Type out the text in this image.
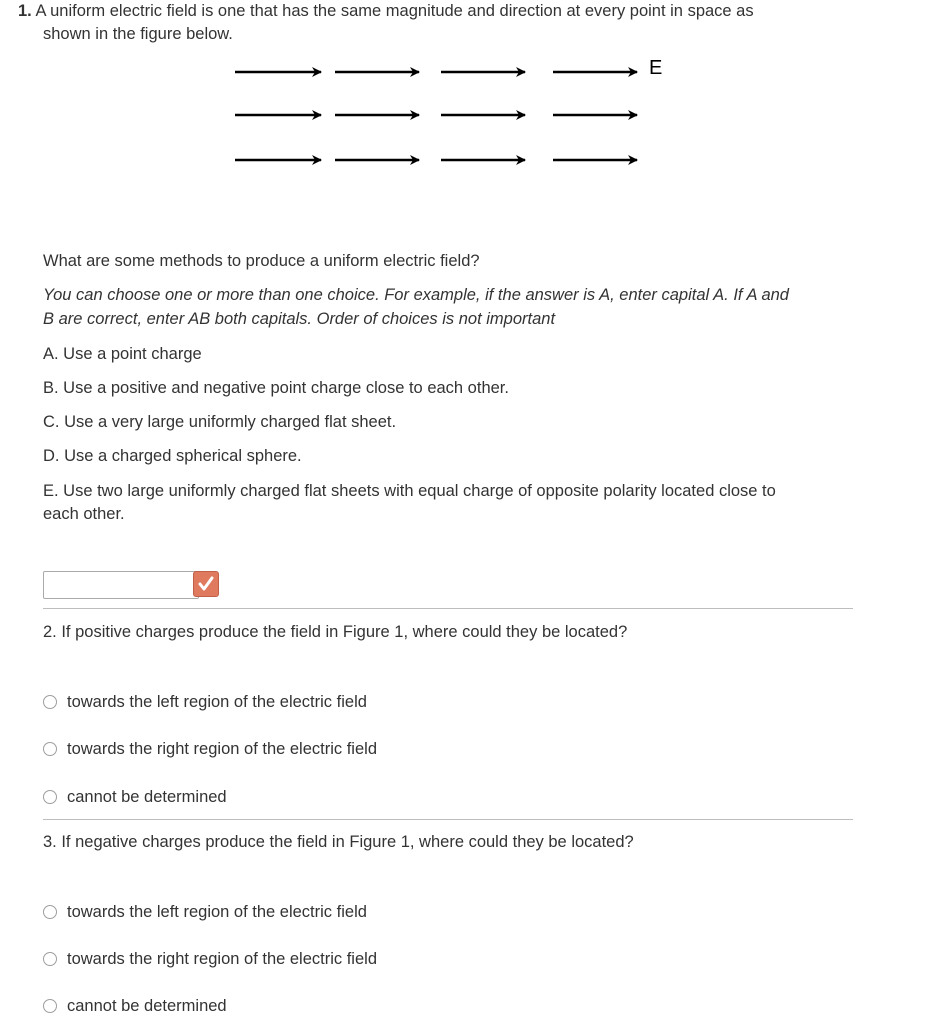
1. A uniform electric field is one that has the same magnitude and direction at every point in space as
shown in the figure below.
E
What are some methods to produce a uniform electric field?
You can choose one or more than one choice. For example, if the answer is A, enter capital A. If A and
B are correct, enter AB both capitals. Order of choices is not important
A. Use a point charge
B. Use a positive and negative point charge close to each other.
C. Use a very large uniformly charged flat sheet.
D. Use a charged spherical sphere.
E. Use two large uniformly charged flat sheets with equal charge of opposite polarity located close to
each other.
2. If positive charges produce the field in Figure 1, where could they be located?
towards the left region of the electric field
towards the right region of the electric field
cannot be determined
3. If negative charges produce the field in Figure 1, where could they be located?
towards the left region of the electric field
towards the right region of the electric field
cannot be determined
